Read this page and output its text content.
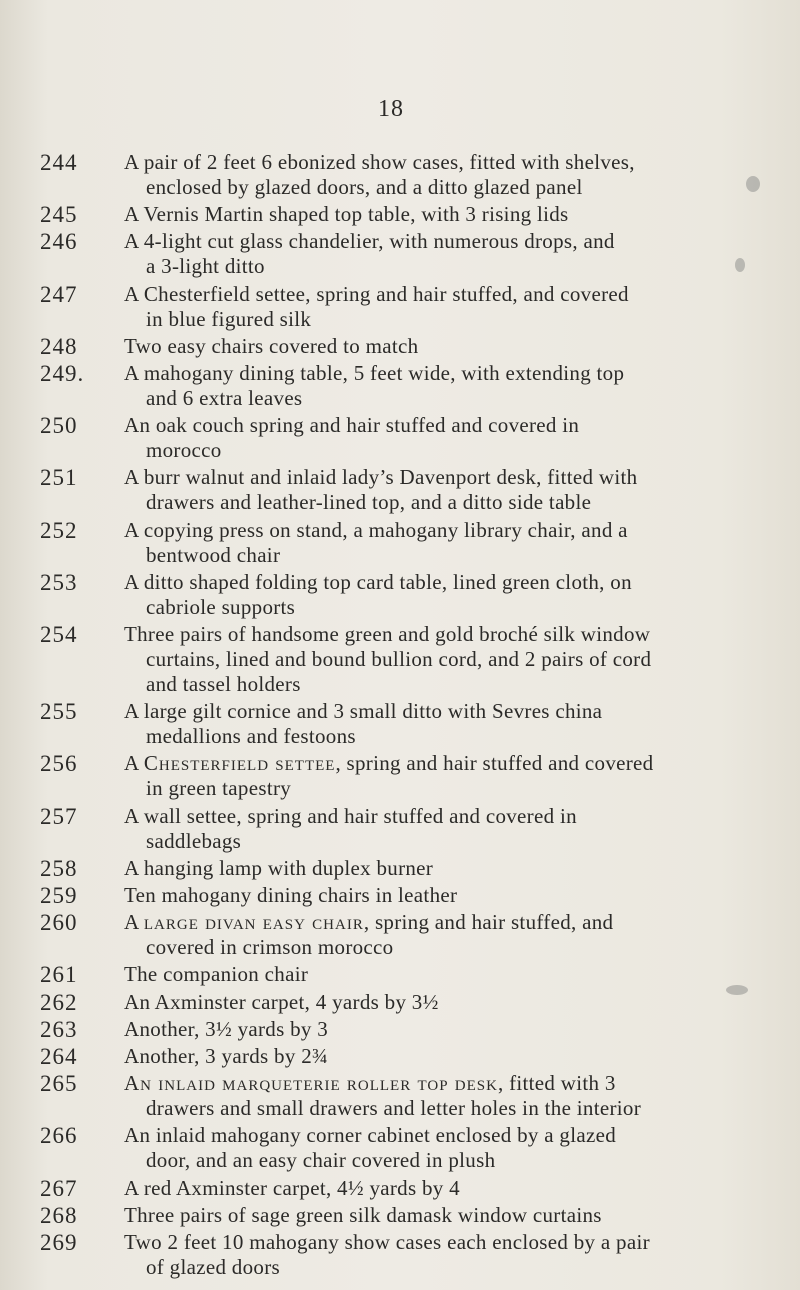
18
244	A pair of 2 feet 6 ebonized show cases, fitted with shelves,
enclosed by glazed doors, and a ditto glazed panel
245	A Vernis Martin shaped top table, with 3 rising lids
246	A 4-light cut glass chandelier, with numerous drops, and
a 3-light ditto
247	A Chesterfield settee, spring and hair stuffed, and covered
in blue figured silk
248	Two easy chairs covered to match
249.	A mahogany dining table, 5 feet wide, with extending top
and 6 extra leaves
250	An oak couch spring and hair stuffed and covered in
morocco
251	A burr walnut and inlaid lady’s Davenport desk, fitted with
drawers and leather-lined top, and a ditto side table
252	A copying press on stand, a mahogany library chair, and a
bentwood chair
253	A ditto shaped folding top card table, lined green cloth, on
cabriole supports
254	Three pairs of handsome green and gold broché silk window
curtains, lined and bound bullion cord, and 2 pairs of cord
and tassel holders
255	A large gilt cornice and 3 small ditto with Sevres china
medallions and festoons
256	A Chesterfield settee, spring and hair stuffed and covered
in green tapestry
257	A wall settee, spring and hair stuffed and covered in
saddlebags
258	A hanging lamp with duplex burner
259	Ten mahogany dining chairs in leather
260	A large divan easy chair, spring and hair stuffed, and
covered in crimson morocco
261	The companion chair
262	An Axminster carpet, 4 yards by 3½
263	Another, 3½ yards by 3
264	Another, 3 yards by 2¾
265	An inlaid marqueterie roller top desk, fitted with 3
drawers and small drawers and letter holes in the interior
266	An inlaid mahogany corner cabinet enclosed by a glazed
door, and an easy chair covered in plush
267	A red Axminster carpet, 4½ yards by 4
268	Three pairs of sage green silk damask window curtains
269	Two 2 feet 10 mahogany show cases each enclosed by a pair
of glazed doors
